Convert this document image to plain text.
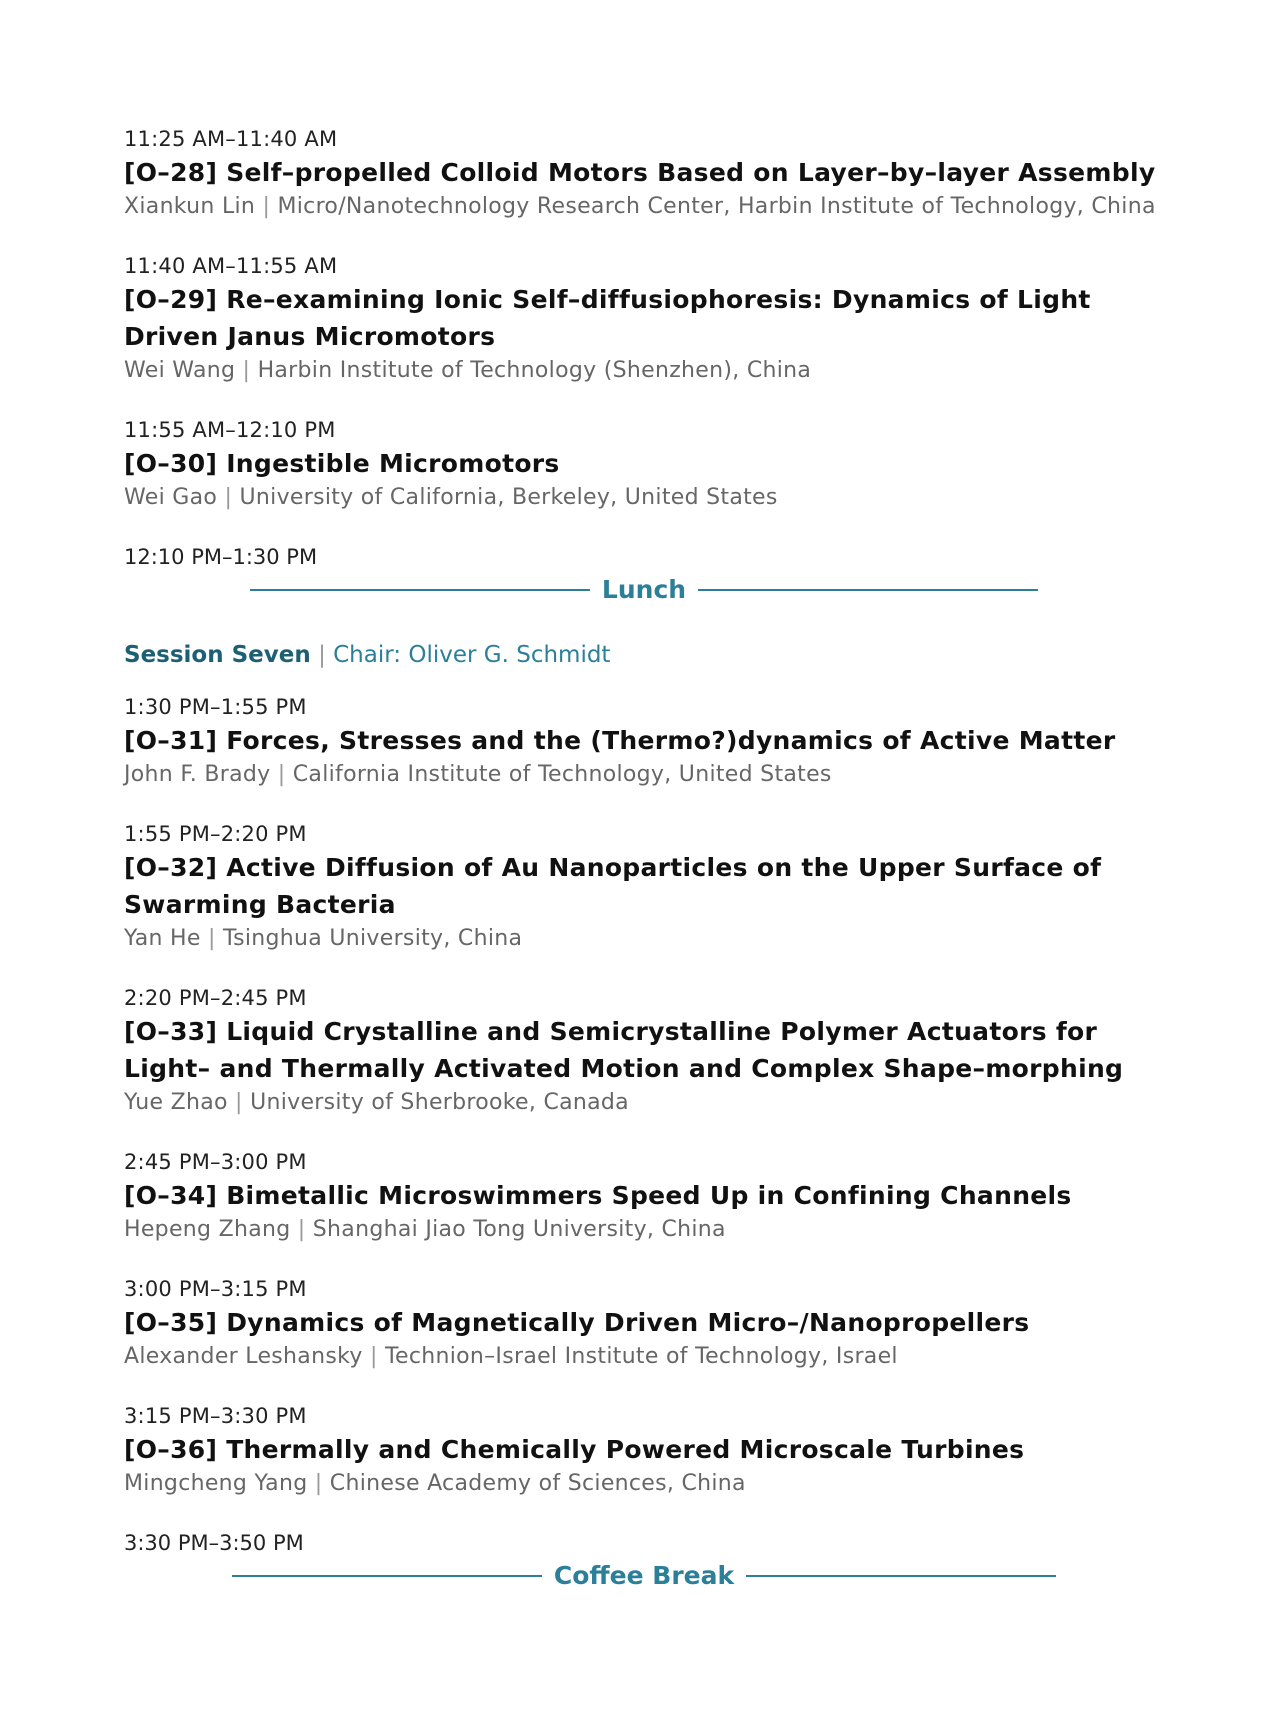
11:25 AM–11:40 AM
[O–28] Self–propelled Colloid Motors Based on Layer–by–layer Assembly
Xiankun Lin | Micro/Nanotechnology Research Center, Harbin Institute of Technology, China
11:40 AM–11:55 AM
[O–29] Re–examining Ionic Self–diffusiophoresis: Dynamics of Light Driven Janus Micromotors
Wei Wang | Harbin Institute of Technology (Shenzhen), China
11:55 AM–12:10 PM
[O–30] Ingestible Micromotors
Wei Gao | University of California, Berkeley, United States
12:10 PM–1:30 PM
Lunch
Session Seven | Chair: Oliver G. Schmidt
1:30 PM–1:55 PM
[O–31] Forces, Stresses and the (Thermo?)dynamics of Active Matter
John F. Brady | California Institute of Technology, United States
1:55 PM–2:20 PM
[O–32] Active Diffusion of Au Nanoparticles on the Upper Surface of Swarming Bacteria
Yan He | Tsinghua University, China
2:20 PM–2:45 PM
[O–33] Liquid Crystalline and Semicrystalline Polymer Actuators for Light– and Thermally Activated Motion and Complex Shape–morphing
Yue Zhao | University of Sherbrooke, Canada
2:45 PM–3:00 PM
[O–34] Bimetallic Microswimmers Speed Up in Confining Channels
Hepeng Zhang | Shanghai Jiao Tong University, China
3:00 PM–3:15 PM
[O–35] Dynamics of Magnetically Driven Micro–/Nanopropellers
Alexander Leshansky | Technion–Israel Institute of Technology, Israel
3:15 PM–3:30 PM
[O–36] Thermally and Chemically Powered Microscale Turbines
Mingcheng Yang | Chinese Academy of Sciences, China
3:30 PM–3:50 PM
Coffee Break
